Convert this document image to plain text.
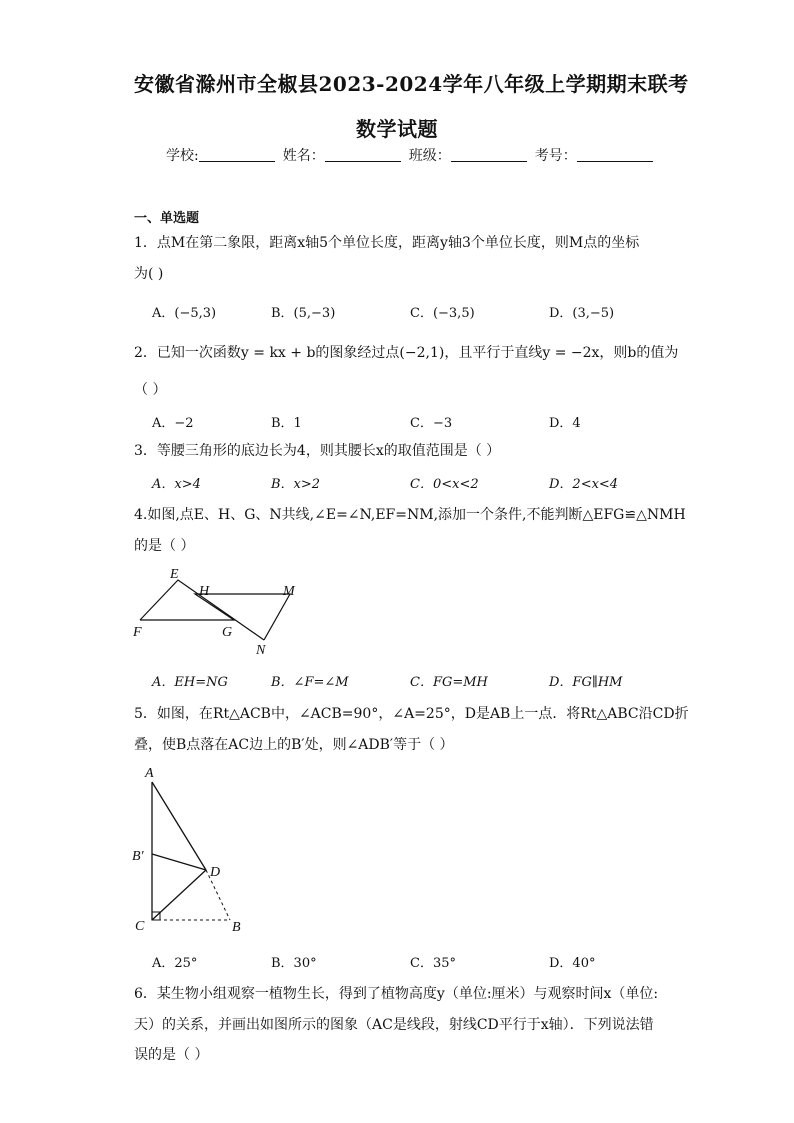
安徽省滁州市全椒县2023-2024学年八年级上学期期末联考
数学试题
学校:	姓名：	班级：	考号：
一、单选题
1．点M在第二象限，距离x轴5个单位长度，距离y轴3个单位长度，则M点的坐标
为( )
A．(−5,3)	B．(5,−3)	C．(−3,5)	D．(3,−5)
2．已知一次函数y = kx + b的图象经过点(−2,1)，且平行于直线y = −2x，则b的值为
（ ）
A．−2	B．1	C．−3	D．4
3．等腰三角形的底边长为4，则其腰长x的取值范围是（ ）
A．x>4	B．x>2	C．0<x<2	D．2<x<4
4.如图,点E、H、G、N共线,∠E=∠N,EF=NM,添加一个条件,不能判断△EFG≌△NMH
的是（ ）
E
H	M
F	G
N
A．EH=NG	B．∠F=∠M	C．FG=MH	D．FG∥HM
5．如图，在Rt△ACB中，∠ACB=90°，∠A=25°，D是AB上一点．将Rt△ABC沿CD折
叠，使B点落在AC边上的B′处，则∠ADB′等于（ ）
A
B′
D
C	B
A．25°	B．30°	C．35°	D．40°
6．某生物小组观察一植物生长，得到了植物高度y（单位:厘米）与观察时间x（单位:
天）的关系，并画出如图所示的图象（AC是线段，射线CD平行于x轴）．下列说法错
误的是（ ）
